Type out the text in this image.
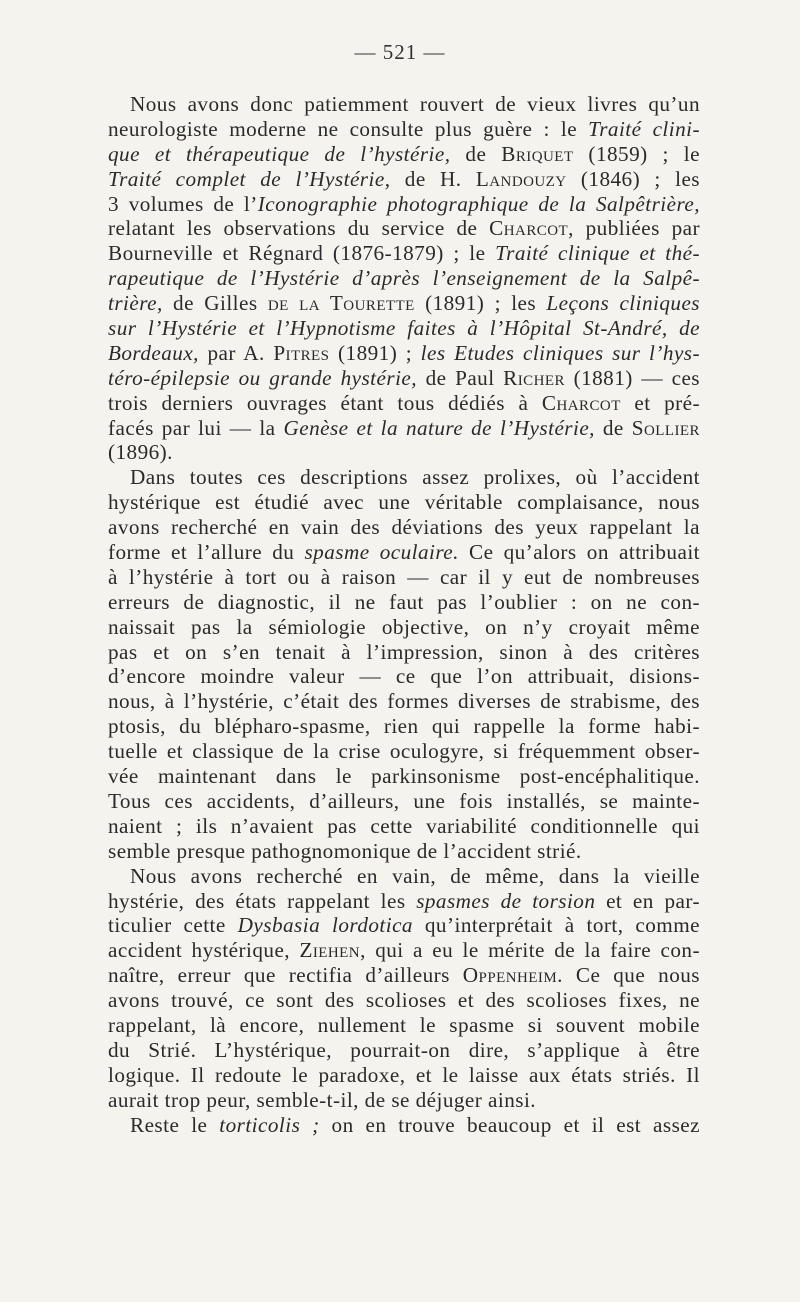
— 521 —
Nous avons donc patiemment rouvert de vieux livres qu’un
neurologiste moderne ne consulte plus guère : le Traité clini-
que et thérapeutique de l’hystérie, de Briquet (1859) ; le
Traité complet de l’Hystérie, de H. Landouzy (1846) ; les
3 volumes de l’Iconographie photographique de la Salpêtrière,
relatant les observations du service de Charcot, publiées par
Bourneville et Régnard (1876-1879) ; le Traité clinique et thé-
rapeutique de l’Hystérie d’après l’enseignement de la Salpê-
trière, de Gilles de la Tourette (1891) ; les Leçons cliniques
sur l’Hystérie et l’Hypnotisme faites à l’Hôpital St-André, de
Bordeaux, par A. Pitres (1891) ; les Etudes cliniques sur l’hys-
téro-épilepsie ou grande hystérie, de Paul Richer (1881) — ces
trois derniers ouvrages étant tous dédiés à Charcot et pré-
facés par lui — la Genèse et la nature de l’Hystérie, de Sollier
(1896).
Dans toutes ces descriptions assez prolixes, où l’accident
hystérique est étudié avec une véritable complaisance, nous
avons recherché en vain des déviations des yeux rappelant la
forme et l’allure du spasme oculaire. Ce qu’alors on attribuait
à l’hystérie à tort ou à raison — car il y eut de nombreuses
erreurs de diagnostic, il ne faut pas l’oublier : on ne con-
naissait pas la sémiologie objective, on n’y croyait même
pas et on s’en tenait à l’impression, sinon à des critères
d’encore moindre valeur — ce que l’on attribuait, disions-
nous, à l’hystérie, c’était des formes diverses de strabisme, des
ptosis, du blépharo-spasme, rien qui rappelle la forme habi-
tuelle et classique de la crise oculogyre, si fréquemment obser-
vée maintenant dans le parkinsonisme post-encéphalitique.
Tous ces accidents, d’ailleurs, une fois installés, se mainte-
naient ; ils n’avaient pas cette variabilité conditionnelle qui
semble presque pathognomonique de l’accident strié.
Nous avons recherché en vain, de même, dans la vieille
hystérie, des états rappelant les spasmes de torsion et en par-
ticulier cette Dysbasia lordotica qu’interprétait à tort, comme
accident hystérique, Ziehen, qui a eu le mérite de la faire con-
naître, erreur que rectifia d’ailleurs Oppenheim. Ce que nous
avons trouvé, ce sont des scolioses et des scolioses fixes, ne
rappelant, là encore, nullement le spasme si souvent mobile
du Strié. L’hystérique, pourrait-on dire, s’applique à être
logique. Il redoute le paradoxe, et le laisse aux états striés. Il
aurait trop peur, semble-t-il, de se déjuger ainsi.
Reste le torticolis ; on en trouve beaucoup et il est assez
